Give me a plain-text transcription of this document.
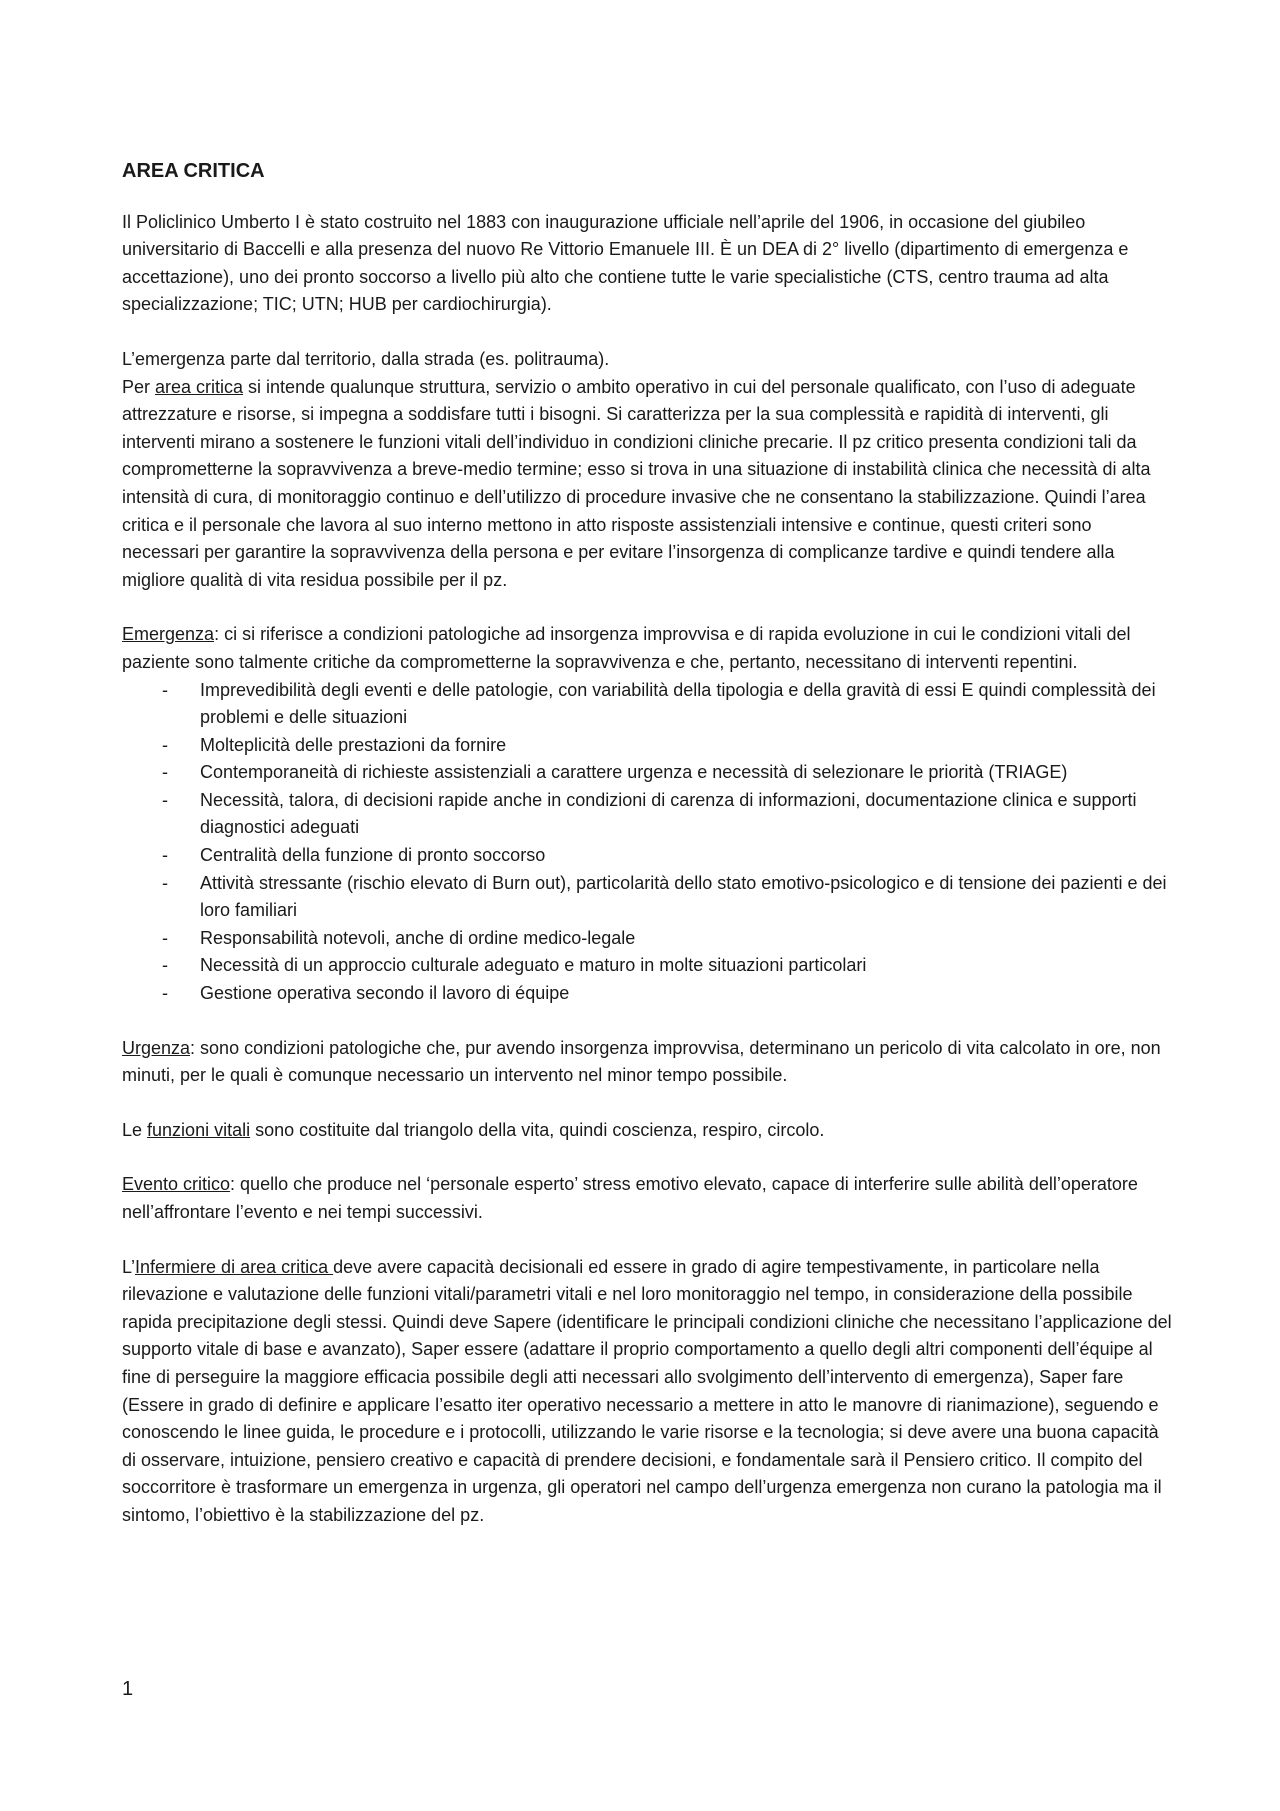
AREA CRITICA

Il Policlinico Umberto I è stato costruito nel 1883 con inaugurazione ufficiale nell’aprile del 1906, in occasione del giubileo universitario di Baccelli e alla presenza del nuovo Re Vittorio Emanuele III. È un DEA di 2° livello (dipartimento di emergenza e accettazione), uno dei pronto soccorso a livello più alto che contiene tutte le varie specialistiche (CTS, centro trauma ad alta specializzazione; TIC; UTN; HUB per cardiochirurgia).

L’emergenza parte dal territorio, dalla strada (es. politrauma).

Per area critica si intende qualunque struttura, servizio o ambito operativo in cui del personale qualificato, con l’uso di adeguate attrezzature e risorse, si impegna a soddisfare tutti i bisogni. Si caratterizza per la sua complessità e rapidità di interventi, gli interventi mirano a sostenere le funzioni vitali dell’individuo in condizioni cliniche precarie. Il pz critico presenta condizioni tali da comprometterne la sopravvivenza a breve-medio termine; esso si trova in una situazione di instabilità clinica che necessità di alta intensità di cura, di monitoraggio continuo e dell’utilizzo di procedure invasive che ne consentano la stabilizzazione. Quindi l’area critica e il personale che lavora al suo interno mettono in atto risposte assistenziali intensive e continue, questi criteri sono necessari per garantire la sopravvivenza della persona e per evitare l’insorgenza di complicanze tardive e quindi tendere alla migliore qualità di vita residua possibile per il pz.

Emergenza: ci si riferisce a condizioni patologiche ad insorgenza improvvisa e di rapida evoluzione in cui le condizioni vitali del paziente sono talmente critiche da comprometterne la sopravvivenza e che, pertanto, necessitano di interventi repentini.

- Imprevedibilità degli eventi e delle patologie, con variabilità della tipologia e della gravità di essi E quindi complessità dei problemi e delle situazioni
- Molteplicità delle prestazioni da fornire
- Contemporaneità di richieste assistenziali a carattere urgenza e necessità di selezionare le priorità (TRIAGE)
- Necessità, talora, di decisioni rapide anche in condizioni di carenza di informazioni, documentazione clinica e supporti diagnostici adeguati
- Centralità della funzione di pronto soccorso
- Attività stressante (rischio elevato di Burn out), particolarità dello stato emotivo-psicologico e di tensione dei pazienti e dei loro familiari
- Responsabilità notevoli, anche di ordine medico-legale
- Necessità di un approccio culturale adeguato e maturo in molte situazioni particolari
- Gestione operativa secondo il lavoro di équipe

Urgenza: sono condizioni patologiche che, pur avendo insorgenza improvvisa, determinano un pericolo di vita calcolato in ore, non minuti, per le quali è comunque necessario un intervento nel minor tempo possibile.

Le funzioni vitali sono costituite dal triangolo della vita, quindi coscienza, respiro, circolo.

Evento critico: quello che produce nel ‘personale esperto’ stress emotivo elevato, capace di interferire sulle abilità dell’operatore nell’affrontare l’evento e nei tempi successivi.

L’Infermiere di area critica deve avere capacità decisionali ed essere in grado di agire tempestivamente, in particolare nella rilevazione e valutazione delle funzioni vitali/parametri vitali e nel loro monitoraggio nel tempo, in considerazione della possibile rapida precipitazione degli stessi. Quindi deve Sapere (identificare le principali condizioni cliniche che necessitano l’applicazione del supporto vitale di base e avanzato), Saper essere (adattare il proprio comportamento a quello degli altri componenti dell’équipe al fine di perseguire la maggiore efficacia possibile degli atti necessari allo svolgimento dell’intervento di emergenza), Saper fare (Essere in grado di definire e applicare l’esatto iter operativo necessario a mettere in atto le manovre di rianimazione), seguendo e conoscendo le linee guida, le procedure e i protocolli, utilizzando le varie risorse e la tecnologia; si deve avere una buona capacità di osservare, intuizione, pensiero creativo e capacità di prendere decisioni, e fondamentale sarà il Pensiero critico. Il compito del soccorritore è trasformare un emergenza in urgenza, gli operatori nel campo dell’urgenza emergenza non curano la patologia ma il sintomo, l’obiettivo è la stabilizzazione del pz.

1
